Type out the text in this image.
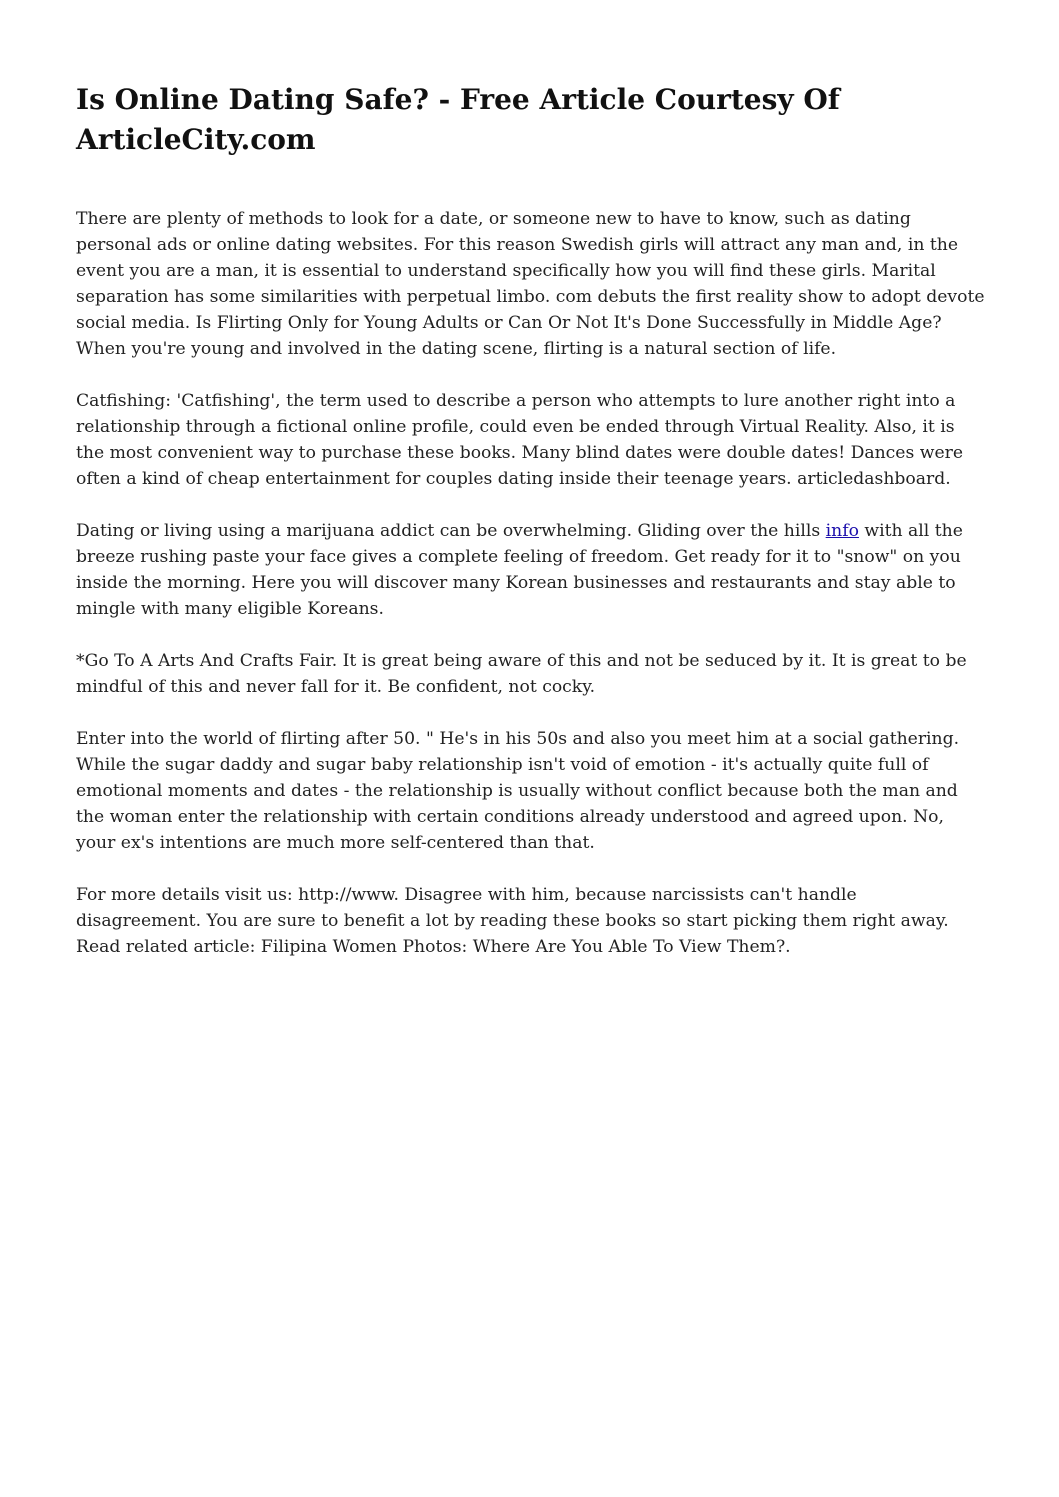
Is Online Dating Safe? - Free Article Courtesy Of ArticleCity.com

There are plenty of methods to look for a date, or someone new to have to know, such as dating personal ads or online dating websites. For this reason Swedish girls will attract any man and, in the event you are a man, it is essential to understand specifically how you will find these girls. Marital separation has some similarities with perpetual limbo. com debuts the first reality show to adopt devote social media. Is Flirting Only for Young Adults or Can Or Not It's Done Successfully in Middle Age?When you're young and involved in the dating scene, flirting is a natural section of life.

Catfishing: 'Catfishing', the term used to describe a person who attempts to lure another right into a relationship through a fictional online profile, could even be ended through Virtual Reality. Also, it is the most convenient way to purchase these books. Many blind dates were double dates! Dances were often a kind of cheap entertainment for couples dating inside their teenage years. articledashboard.

Dating or living using a marijuana addict can be overwhelming. Gliding over the hills info with all the breeze rushing paste your face gives a complete feeling of freedom. Get ready for it to "snow" on you inside the morning. Here you will discover many Korean businesses and restaurants and stay able to mingle with many eligible Koreans.

*Go To A Arts And Crafts Fair. It is great being aware of this and not be seduced by it. It is great to be mindful of this and never fall for it. Be confident, not cocky.

Enter into the world of flirting after 50. " He's in his 50s and also you meet him at a social gathering. While the sugar daddy and sugar baby relationship isn't void of emotion - it's actually quite full of emotional moments and dates - the relationship is usually without conflict because both the man and the woman enter the relationship with certain conditions already understood and agreed upon. No, your ex's intentions are much more self-centered than that.

For more details visit us: http://www. Disagree with him, because narcissists can't handle disagreement. You are sure to benefit a lot by reading these books so start picking them right away. Read related article: Filipina Women Photos: Where Are You Able To View Them?.
